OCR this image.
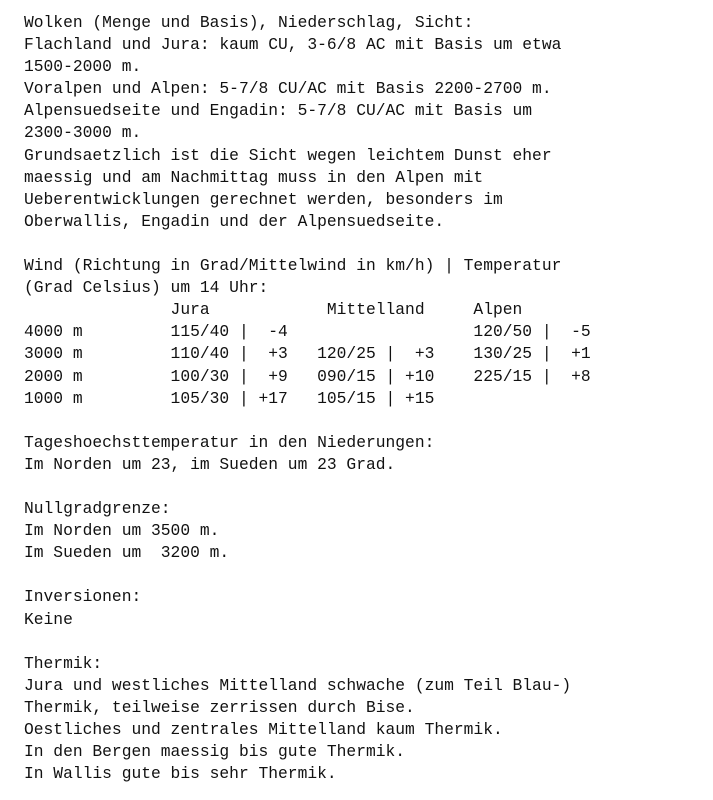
Wolken (Menge und Basis), Niederschlag, Sicht:
Flachland und Jura: kaum CU, 3-6/8 AC mit Basis um etwa
1500-2000 m.
Voralpen und Alpen: 5-7/8 CU/AC mit Basis 2200-2700 m.
Alpensuedseite und Engadin: 5-7/8 CU/AC mit Basis um
2300-3000 m.
Grundsaetzlich ist die Sicht wegen leichtem Dunst eher
maessig und am Nachmittag muss in den Alpen mit
Ueberentwicklungen gerechnet werden, besonders im
Oberwallis, Engadin und der Alpensuedseite.
Wind (Richtung in Grad/Mittelwind in km/h) | Temperatur
(Grad Celsius) um 14 Uhr:
Jura            Mittelland     Alpen
4000 m         115/40 |  -4                   120/50 |  -5
3000 m         110/40 |  +3   120/25 |  +3    130/25 |  +1
2000 m         100/30 |  +9   090/15 | +10    225/15 |  +8
1000 m         105/30 | +17   105/15 | +15
Tageshoechsttemperatur in den Niederungen:
Im Norden um 23, im Sueden um 23 Grad.
Nullgradgrenze:
Im Norden um 3500 m.
Im Sueden um  3200 m.
Inversionen:
Keine
Thermik:
Jura und westliches Mittelland schwache (zum Teil Blau-)
Thermik, teilweise zerrissen durch Bise.
Oestliches und zentrales Mittelland kaum Thermik.
In den Bergen maessig bis gute Thermik.
In Wallis gute bis sehr Thermik.
